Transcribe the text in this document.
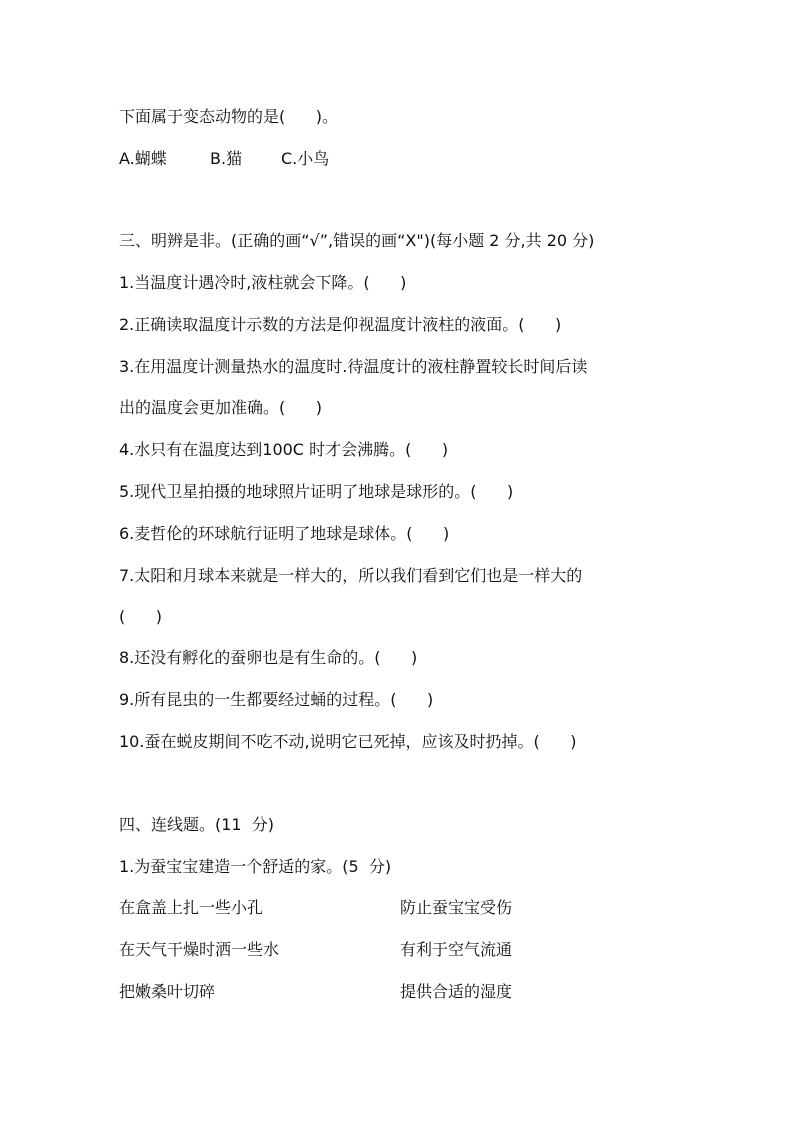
下面属于变态动物的是(      )。
A.蝴蝶	B.猫 C.小鸟
三、明辨是非。(正确的画“√”,错误的画“X")(每小题 2 分,共 20 分)
1.当温度计遇冷时,液柱就会下降。(      )
2.正确读取温度计示数的方法是仰视温度计液柱的液面。(      )
3.在用温度计测量热水的温度时.待温度计的液柱静置较长时间后读
出的温度会更加准确。(      )
4.水只有在温度达到100C 时才会沸腾。(      )
5.现代卫星拍摄的地球照片证明了地球是球形的。(      )
6.麦哲伦的环球航行证明了地球是球体。(      )
7.太阳和月球本来就是一样大的，所以我们看到它们也是一样大的
(      )
8.还没有孵化的蚕卵也是有生命的。(      )
9.所有昆虫的一生都要经过蛹的过程。(      )
10.蚕在蜕皮期间不吃不动,说明它已死掉，应该及时扔掉。(      )
四、连线题。(11  分)
1.为蚕宝宝建造一个舒适的家。(5  分)
在盒盖上扎一些小孔	防止蚕宝宝受伤
在天气干燥时洒一些水	有利于空气流通
把嫩桑叶切碎	提供合适的湿度
